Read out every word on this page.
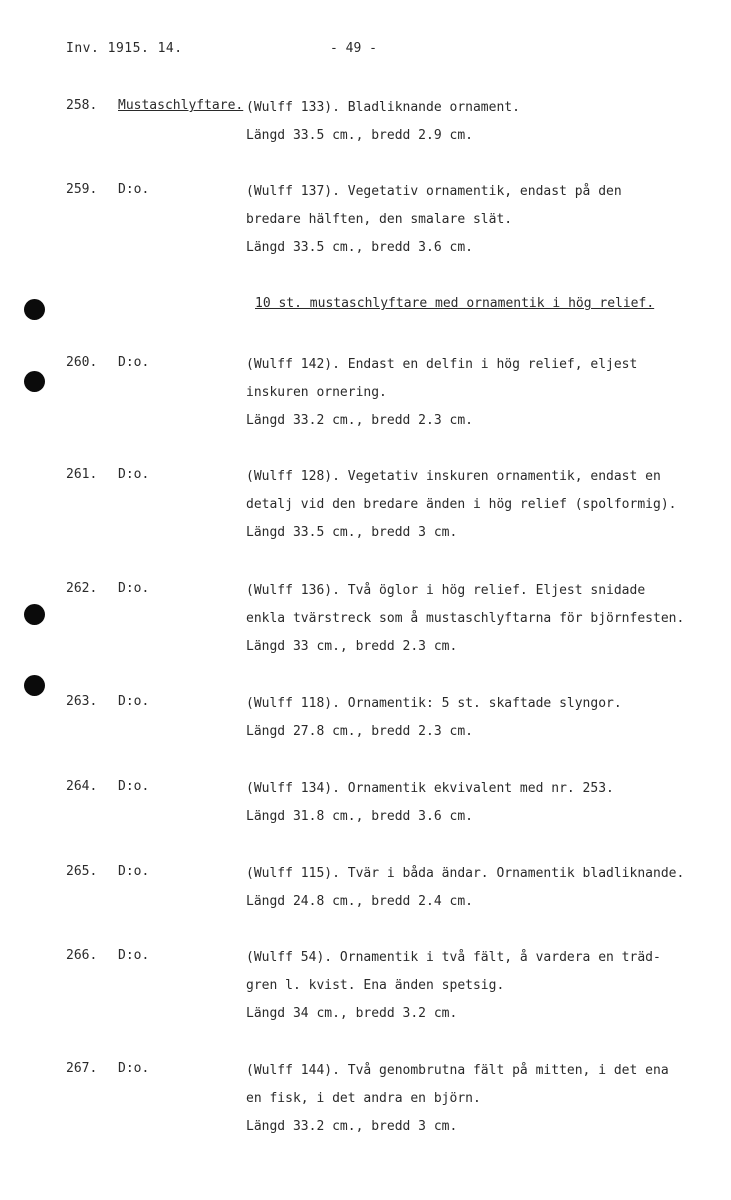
Inv. 1915. 14.	- 49 -
258. Mustaschlyftare. (Wulff 133). Bladliknande ornament.
Längd 33.5 cm., bredd 2.9 cm.
259. D:o.	(Wulff 137). Vegetativ ornamentik, endast på den
bredare hälften, den smalare slät.
Längd 33.5 cm., bredd 3.6 cm.
10 st. mustaschlyftare med ornamentik i hög relief.
260. D:o.	(Wulff 142). Endast en delfin i hög relief, eljest
inskuren ornering.
Längd 33.2 cm., bredd 2.3 cm.
261. D:o.	(Wulff 128). Vegetativ inskuren ornamentik, endast en
detalj vid den bredare änden i hög relief (spolformig).
Längd 33.5 cm., bredd 3 cm.
262. D:o.	(Wulff 136). Två öglor i hög relief. Eljest snidade
enkla tvärstreck som å mustaschlyftarna för björnfesten.
Längd 33 cm., bredd 2.3 cm.
263. D:o.	(Wulff 118). Ornamentik: 5 st. skaftade slyngor.
Längd 27.8 cm., bredd 2.3 cm.
264. D:o.	(Wulff 134). Ornamentik ekvivalent med nr. 253.
Längd 31.8 cm., bredd 3.6 cm.
265. D:o.	(Wulff 115). Tvär i båda ändar. Ornamentik bladliknande.
Längd 24.8 cm., bredd 2.4 cm.
266. D:o.	(Wulff 54). Ornamentik i två fält, å vardera en träd-
gren l. kvist. Ena änden spetsig.
Längd 34 cm., bredd 3.2 cm.
267. D:o.	(Wulff 144). Två genombrutna fält på mitten, i det ena
en fisk, i det andra en björn.
Längd 33.2 cm., bredd 3 cm.
